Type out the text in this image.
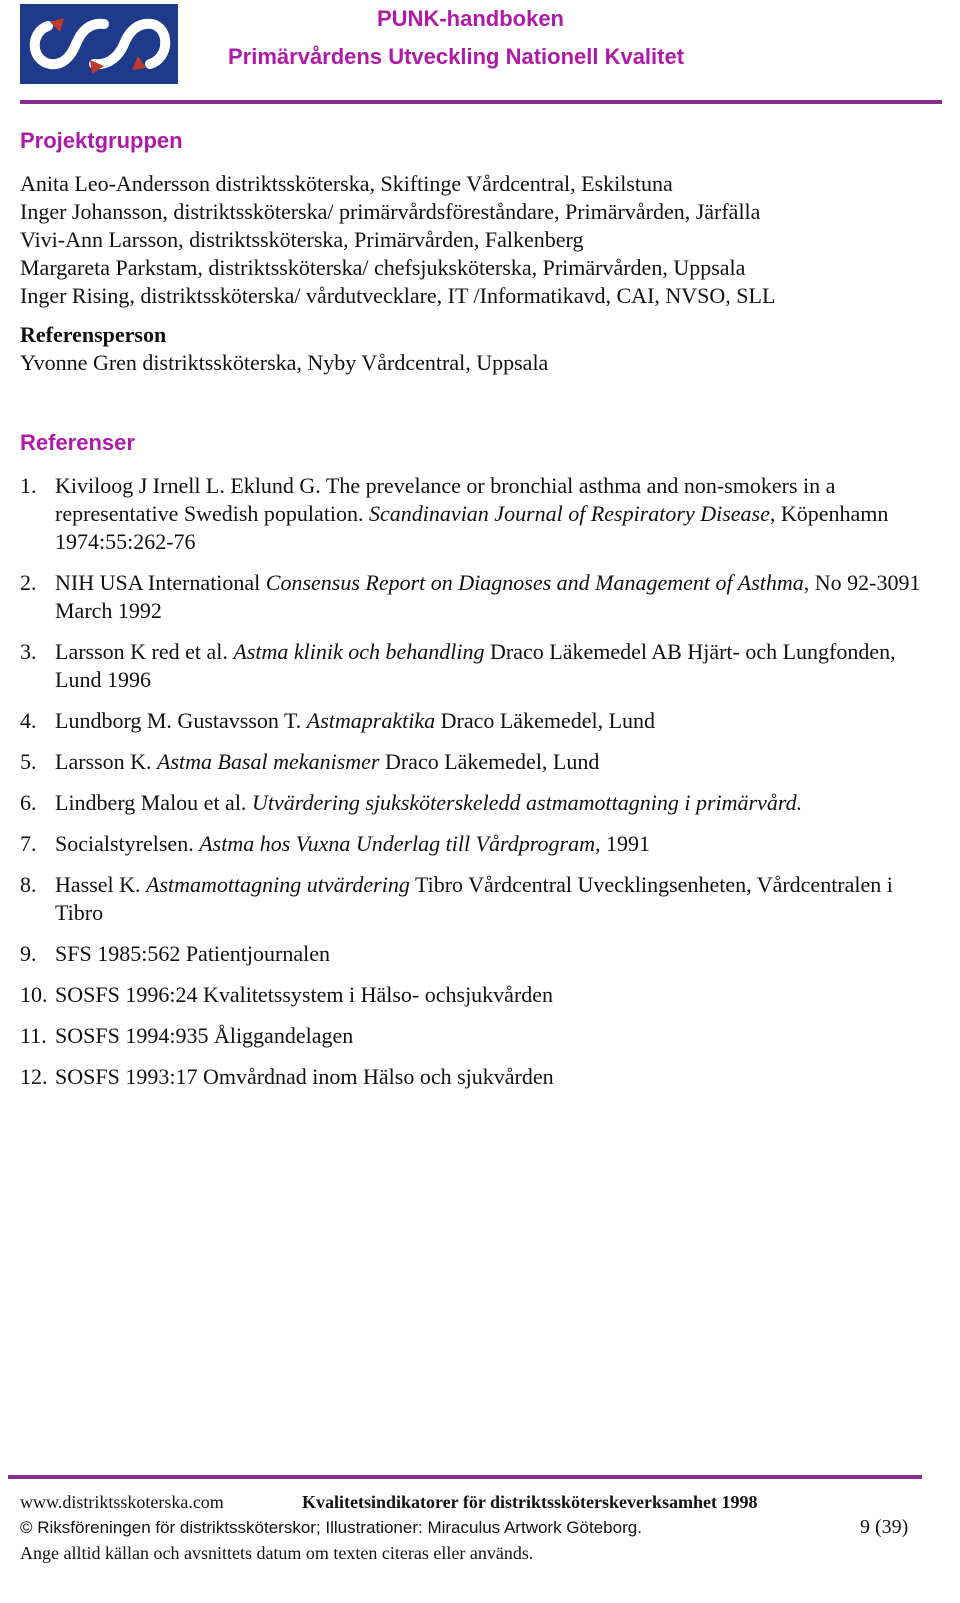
PUNK-handboken
Primärvårdens Utveckling Nationell Kvalitet
Projektgruppen
Anita Leo-Andersson distriktssköterska, Skiftinge Vårdcentral, Eskilstuna
Inger Johansson, distriktssköterska/ primärvårdsföreståndare, Primärvården, Järfälla
Vivi-Ann Larsson, distriktssköterska, Primärvården, Falkenberg
Margareta Parkstam, distriktssköterska/ chefsjuksköterska, Primärvården, Uppsala
Inger Rising, distriktssköterska/ vårdutvecklare, IT /Informatikavd, CAI, NVSO, SLL
Referensperson
Yvonne Gren distriktssköterska, Nyby Vårdcentral, Uppsala
Referenser
1. Kiviloog J Irnell L. Eklund G. The prevelance or bronchial asthma and non-smokers in a representative Swedish population. Scandinavian Journal of Respiratory Disease, Köpenhamn 1974:55:262-76
2. NIH USA International Consensus Report on Diagnoses and Management of Asthma, No 92-3091 March 1992
3. Larsson K red et al. Astma klinik och behandling Draco Läkemedel AB Hjärt- och Lungfonden, Lund 1996
4. Lundborg M. Gustavsson T. Astmapraktika Draco Läkemedel, Lund
5. Larsson K. Astma Basal mekanismer Draco Läkemedel, Lund
6. Lindberg Malou et al. Utvärdering sjuksköterskeledd astmamottagning i primärvård.
7. Socialstyrelsen. Astma hos Vuxna Underlag till Vårdprogram, 1991
8. Hassel K. Astmamottagning utvärdering Tibro Vårdcentral Uvecklingsenheten, Vårdcentralen i Tibro
9. SFS 1985:562 Patientjournalen
10. SOSFS 1996:24 Kvalitetssystem i Hälso- ochsjukvården
11. SOSFS 1994:935 Åliggandelagen
12. SOSFS 1993:17 Omvårdnad inom Hälso och sjukvården
www.distriktsskoterska.com	Kvalitetsindikatorer för distriktssköterskeverksamhet 1998
© Riksföreningen för distriktssköterskor; Illustrationer: Miraculus Artwork Göteborg.	9 (39)
Ange alltid källan och avsnittets datum om texten citeras eller används.
